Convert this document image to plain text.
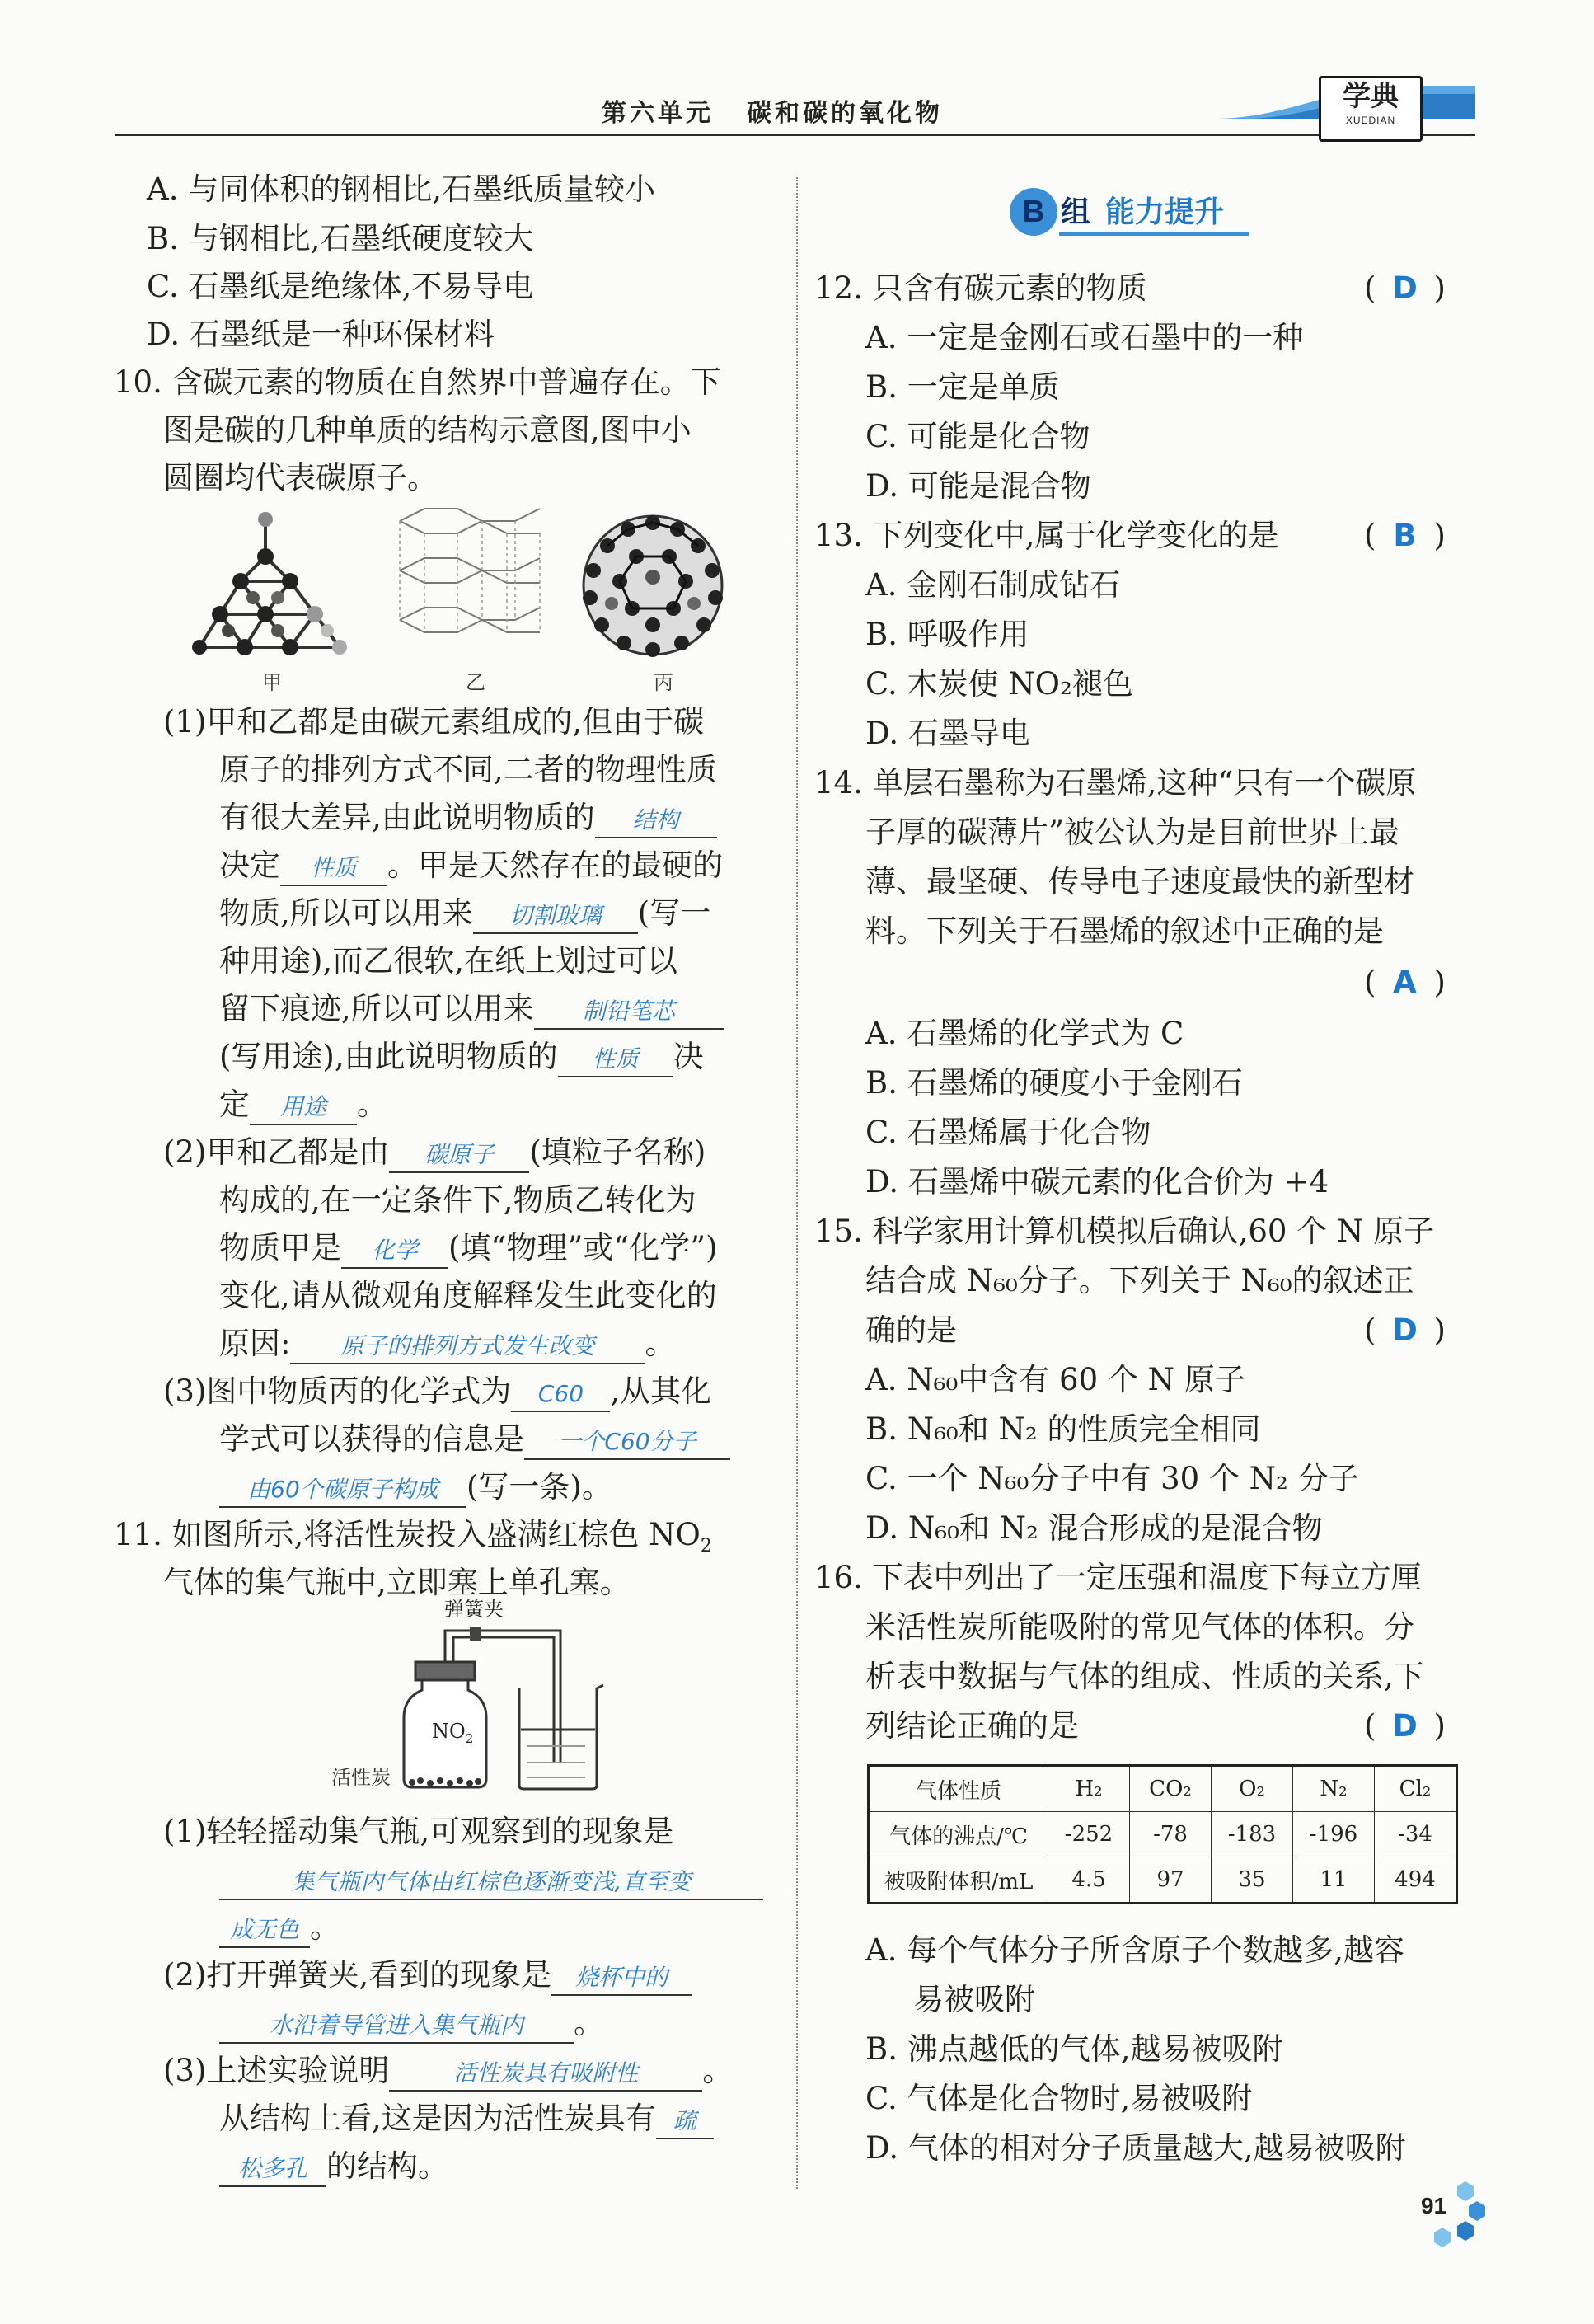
第六单元 碳和碳的氧化物
学典
XUEDIAN
A. 与同体积的钢相比,石墨纸质量较小
B. 与钢相比,石墨纸硬度较大
C. 石墨纸是绝缘体,不易导电
D. 石墨纸是一种环保材料
10. 含碳元素的物质在自然界中普遍存在。下
图是碳的几种单质的结构示意图,图中小
圆圈均代表碳原子。
甲	乙	丙
(1)甲和乙都是由碳元素组成的,但由于碳
原子的排列方式不同,二者的物理性质
有很大差异,由此说明物质的 结构
决定 性质 。甲是天然存在的最硬的
物质,所以可以用来 切割玻璃 (写一
种用途),而乙很软,在纸上划过可以
留下痕迹,所以可以用来 制铅笔芯
(写用途),由此说明物质的 性质 决
定 用途 。
(2)甲和乙都是由 碳原子 (填粒子名称)
构成的,在一定条件下,物质乙转化为
物质甲是 化学 (填“物理”或“化学”)
变化,请从微观角度解释发生此变化的
原因: 原子的排列方式发生改变 。
(3)图中物质丙的化学式为 C60 ,从其化
学式可以获得的信息是 一个C60分子
由60个碳原子构成 (写一条)。
11. 如图所示,将活性炭投入盛满红棕色 $NO_2$
气体的集气瓶中,立即塞上单孔塞。
弹簧夹
$NO_2$
活性炭
(1)轻轻摇动集气瓶,可观察到的现象是
集气瓶内气体由红棕色逐渐变浅,直至变
成无色 。
(2)打开弹簧夹,看到的现象是 烧杯中的
水沿着导管进入集气瓶内 。
(3)上述实验说明	活性炭具有吸附性 。
从结构上看,这是因为活性炭具有 疏
松多孔 的结构。
B 组 能力提升
12. 只含有碳元素的物质	( D )
A. 一定是金刚石或石墨中的一种
B. 一定是单质
C. 可能是化合物
D. 可能是混合物
13. 下列变化中,属于化学变化的是	( B )
A. 金刚石制成钻石
B. 呼吸作用
C. 木炭使 NO₂褪色
D. 石墨导电
14. 单层石墨称为石墨烯,这种“只有一个碳原
子厚的碳薄片”被公认为是目前世界上最
薄、最坚硬、传导电子速度最快的新型材
料。下列关于石墨烯的叙述中正确的是
( A )
A. 石墨烯的化学式为 C
B. 石墨烯的硬度小于金刚石
C. 石墨烯属于化合物
D. 石墨烯中碳元素的化合价为 +4
15. 科学家用计算机模拟后确认,60 个 N 原子
结合成 N₆₀分子。下列关于 N₆₀的叙述正
确的是	( D )
A. N₆₀中含有 60 个 N 原子
B. N₆₀和 N₂ 的性质完全相同
C. 一个 N₆₀分子中有 30 个 N₂ 分子
D. N₆₀和 N₂ 混合形成的是混合物
16. 下表中列出了一定压强和温度下每立方厘
米活性炭所能吸附的常见气体的体积。分
析表中数据与气体的组成、性质的关系,下
列结论正确的是	( D )
气体性质	H₂	CO₂	O₂	N₂	Cl₂
气体的沸点/℃	-252	-78	-183	-196	-34
被吸附体积/mL	4.5	97	35	11	494
A. 每个气体分子所含原子个数越多,越容
易被吸附
B. 沸点越低的气体,越易被吸附
C. 气体是化合物时,易被吸附
D. 气体的相对分子质量越大,越易被吸附
91
